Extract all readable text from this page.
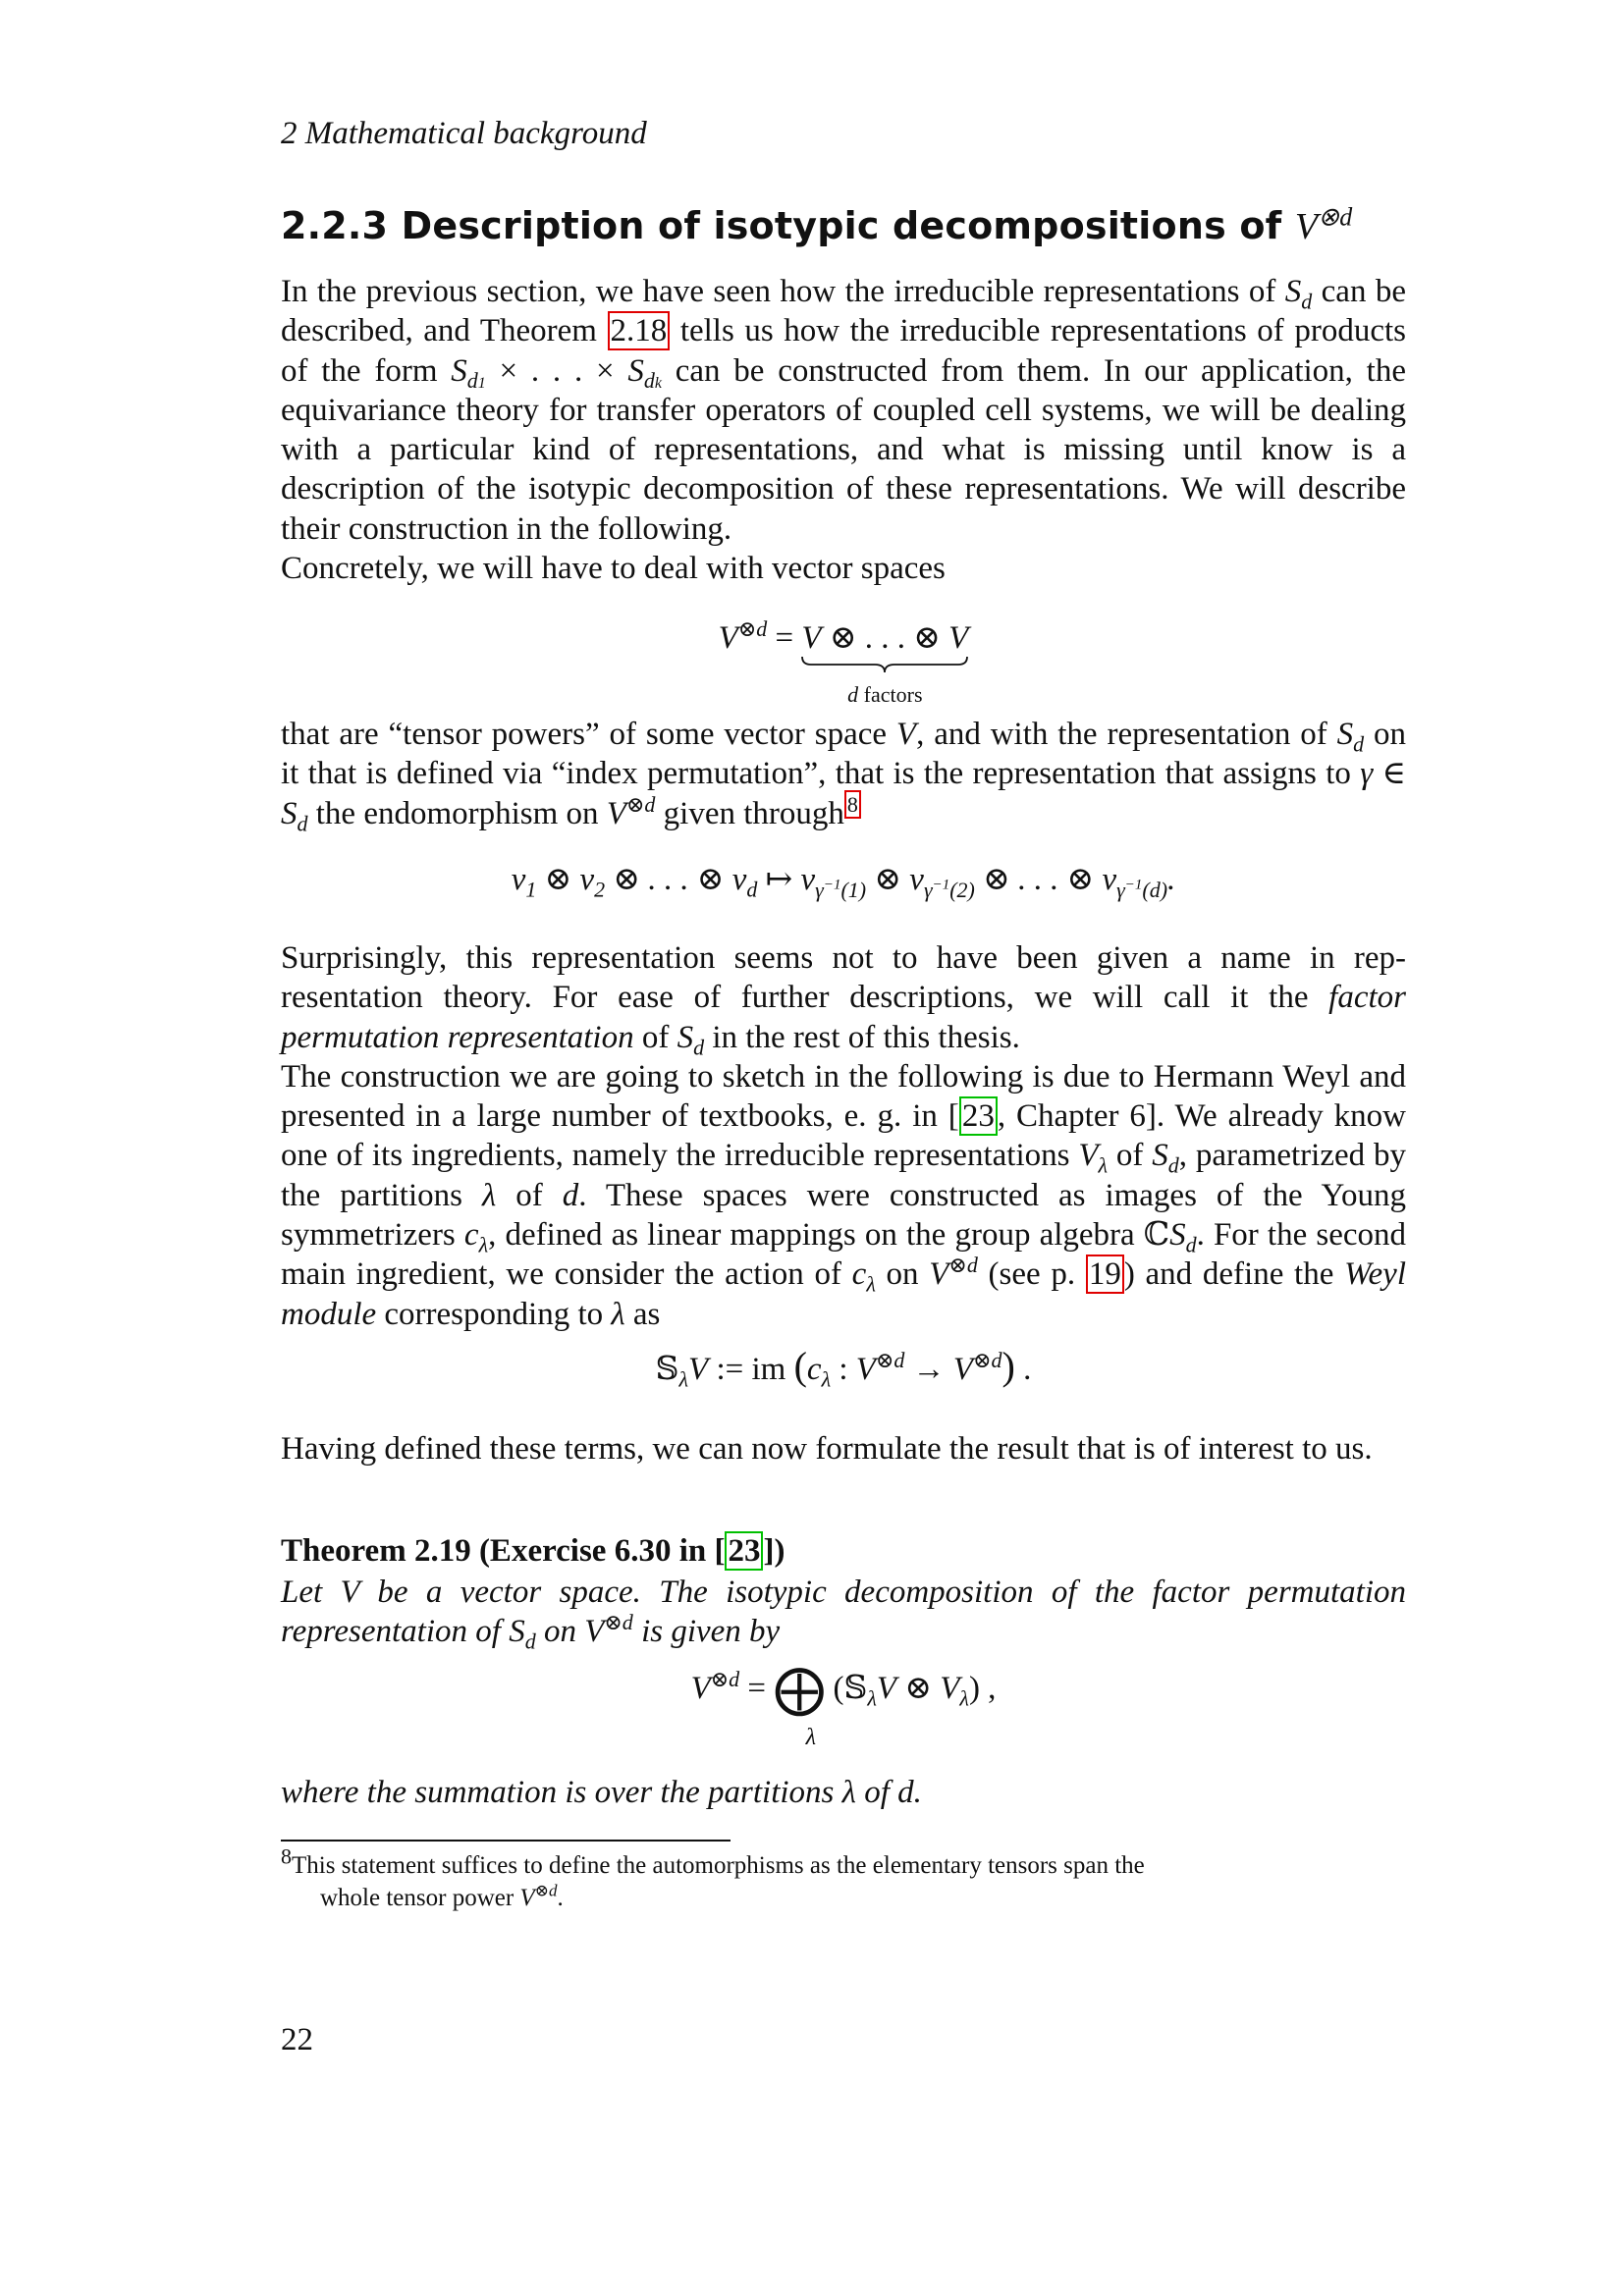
2 Mathematical background
2.2.3 Description of isotypic decompositions of $V^{\otimes d}$

In the previous section, we have seen how the irreducible representations of $S_d$ can be described, and Theorem 2.18 tells us how the irreducible representations of products of the form $S_{d1}$ × . . . × $S_{dk}$ can be constructed from them. In our application, the equivariance theory for transfer operators of coupled cell systems, we will be dealing with a particular kind of representations, and what is missing until know is a description of the isotypic decomposition of these representations. We will describe their construction in the following.

Concretely, we will have to deal with vector spaces

$V^{\otimes d} = V$ ⊗ . . . ⊗ V
d factors

that are “tensor powers” of some vector space V, and with the representation of $S_d$ on it that is defined via “index permutation”, that is the representation that assigns to γ ∈ $S_d$ the endomorphism on $V^{\otimes d}$ given through $^8$

$v_1$ ⊗ $v_2$ ⊗ . . . ⊗ $v_d$ ↦ $v_{\gamma^{-1}(1)}$ ⊗ $v_{\gamma^{-1}(2)}$ ⊗ . . . ⊗ $v_{\gamma^{-1}(d)}$.

Surprisingly, this representation seems not to have been given a name in representation theory. For ease of further descriptions, we will call it the factor permutation representation of $S_d$ in the rest of this thesis.

The construction we are going to sketch in the following is due to Hermann Weyl and presented in a large number of textbooks, e. g. in [23, Chapter 6]. We already know one of its ingredients, namely the irreducible representations $V_\lambda$ of $S_d$, parametrized by the partitions λ of d. These spaces were constructed as images of the Young symmetrizers $c_\lambda$, defined as linear mappings on the group algebra ℂS$_d$. For the second main ingredient, we consider the action of $c_\lambda$ on $V^{\otimes d}$ (see p. 19) and define the Weyl module corresponding to λ as

𝕊$_\lambda$V := im ($c_\lambda$ : $V^{\otimes d} \to V^{\otimes d}$) .

Having defined these terms, we can now formulate the result that is of interest to us.

Theorem 2.19 (Exercise 6.30 in [23])

Let V be a vector space. The isotypic decomposition of the factor permutation representation of $S_d$ on $V^{\otimes d}$ is given by

$V^{\otimes d}$ = ⨁ (𝕊$_\lambda$V ⊗ $V_\lambda$) ,
λ
where the summation is over the partitions λ of d.
$^8$This statement suffices to define the automorphisms as the elementary tensors span the
whole tensor power $V^{\otimes d}$.
22
